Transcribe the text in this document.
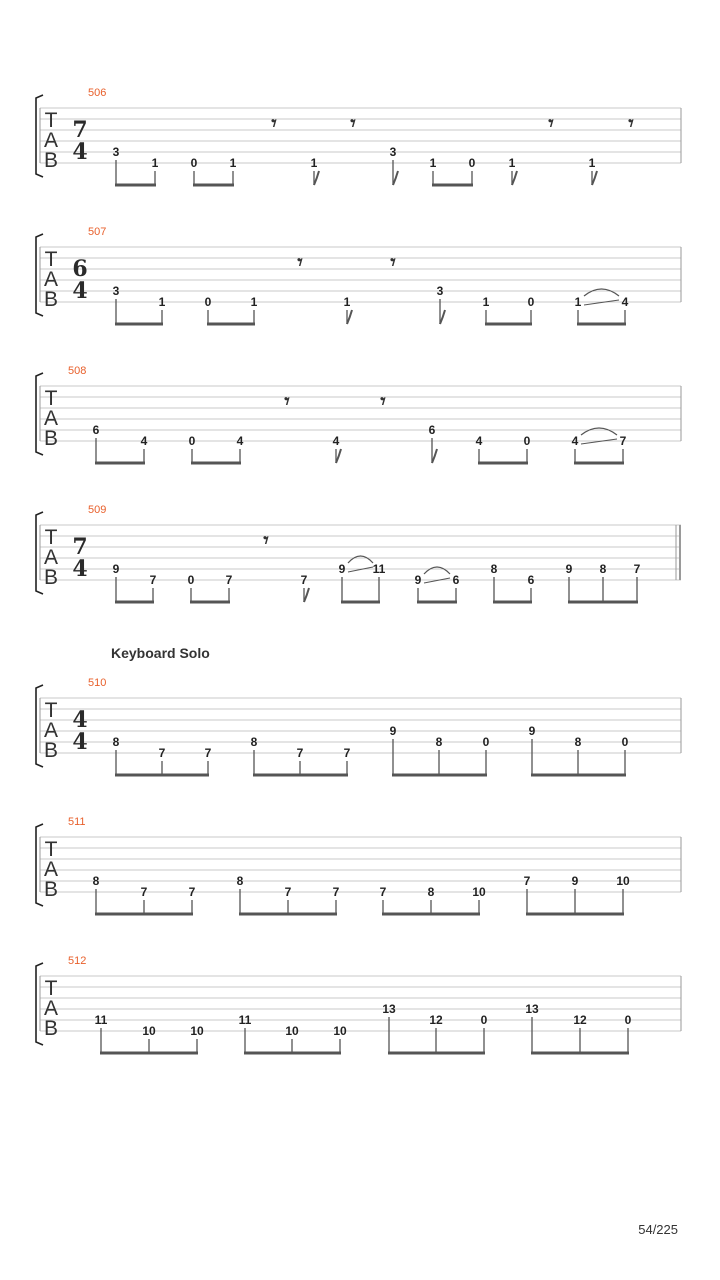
Keyboard Solo
54/225
506
T
A
B
7
4 3
1	0	1	1
3
1	0	1	1
𝄾	𝄾	𝄾	𝄾
507
T
A
B
6
4 3
1	0	1	1
3
1	0	1	4
𝄾	𝄾
508
T
A
B	6
4	0	4	4
6
4	0	4	7
𝄾	𝄾
509
T
A
B
7
4 9
7	0	7	7
9 11
9	6
8
6
9 8 7
𝄾
510
T
A
B
4
4 8
7	7
8
7	7
9
8	0
9
8	0
511
T
A
B	8
7	7
8
7	7	7	8	10
7	9	10
512
T
A
B	11
10	10
11
10	10
13
12	0
13
12	0
